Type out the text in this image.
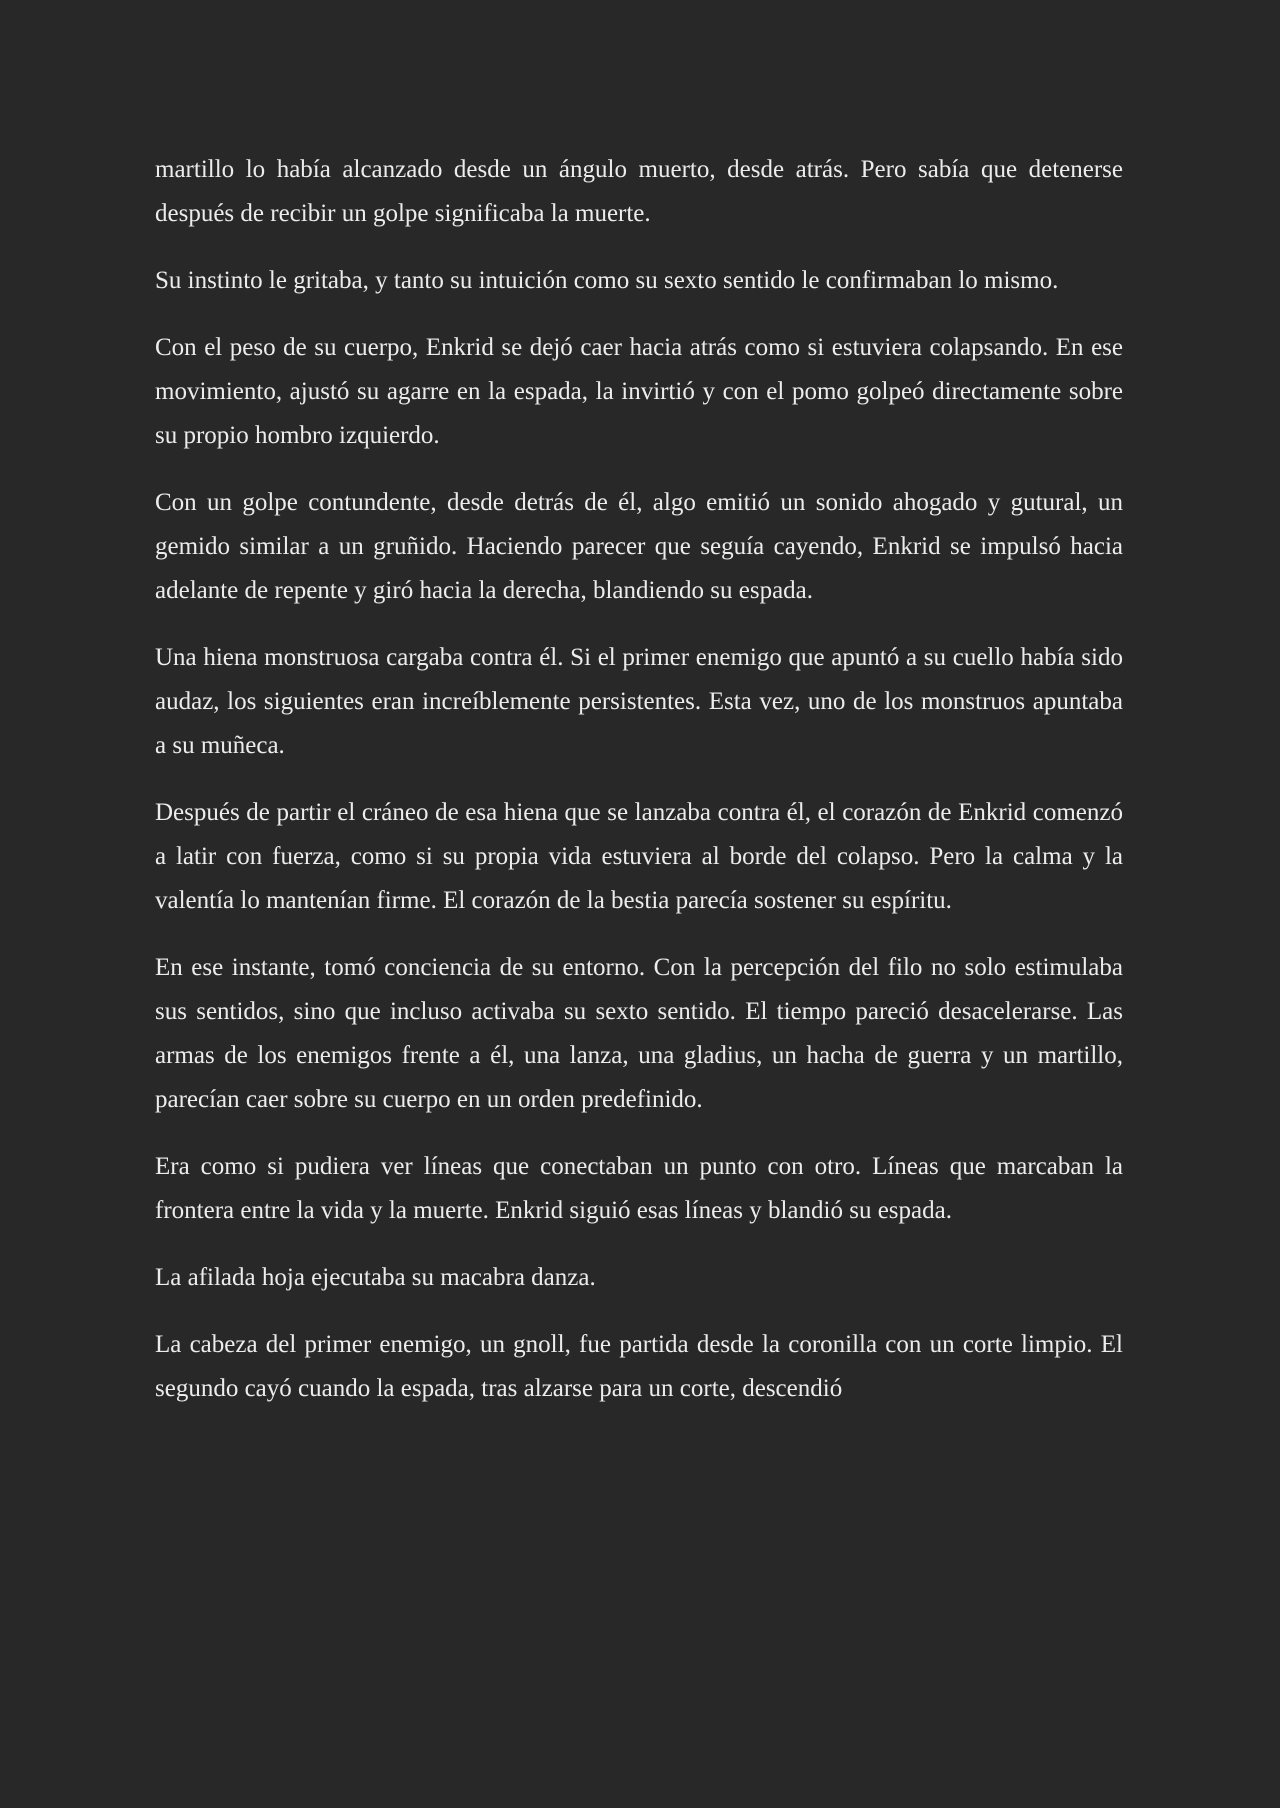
martillo lo había alcanzado desde un ángulo muerto, desde atrás. Pero sabía que detenerse después de recibir un golpe significaba la muerte.

Su instinto le gritaba, y tanto su intuición como su sexto sentido le confirmaban lo mismo.

Con el peso de su cuerpo, Enkrid se dejó caer hacia atrás como si estuviera colapsando. En ese movimiento, ajustó su agarre en la espada, la invirtió y con el pomo golpeó directamente sobre su propio hombro izquierdo.

Con un golpe contundente, desde detrás de él, algo emitió un sonido ahogado y gutural, un gemido similar a un gruñido. Haciendo parecer que seguía cayendo, Enkrid se impulsó hacia adelante de repente y giró hacia la derecha, blandiendo su espada.

Una hiena monstruosa cargaba contra él. Si el primer enemigo que apuntó a su cuello había sido audaz, los siguientes eran increíblemente persistentes. Esta vez, uno de los monstruos apuntaba a su muñeca.

Después de partir el cráneo de esa hiena que se lanzaba contra él, el corazón de Enkrid comenzó a latir con fuerza, como si su propia vida estuviera al borde del colapso. Pero la calma y la valentía lo mantenían firme. El corazón de la bestia parecía sostener su espíritu.

En ese instante, tomó conciencia de su entorno. Con la percepción del filo no solo estimulaba sus sentidos, sino que incluso activaba su sexto sentido. El tiempo pareció desacelerarse. Las armas de los enemigos frente a él, una lanza, una gladius, un hacha de guerra y un martillo, parecían caer sobre su cuerpo en un orden predefinido.

Era como si pudiera ver líneas que conectaban un punto con otro. Líneas que marcaban la frontera entre la vida y la muerte. Enkrid siguió esas líneas y blandió su espada.

La afilada hoja ejecutaba su macabra danza.

La cabeza del primer enemigo, un gnoll, fue partida desde la coronilla con un corte limpio. El segundo cayó cuando la espada, tras alzarse para un corte, descendió
